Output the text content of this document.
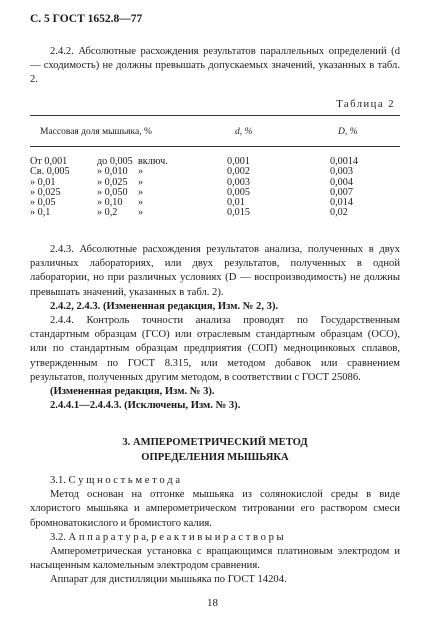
С. 5 ГОСТ 1652.8—77

2.4.2. Абсолютные расхождения результатов параллельных определений (d — сходимость) не должны превышать допускаемых значений, указанных в табл. 2.

Таблица 2
Массовая доля мышьяка, %	d, %	D, %
От 0,001	до 0,005 включ.	0,001	0,0014
Св. 0,005	» 0,010 »	0,002	0,003
» 0,01	» 0,025 »	0,003	0,004
» 0,025	» 0,050 »	0,005	0,007
» 0,05	» 0,10 »	0,01	0,014
» 0,1	» 0,2 »	0,015	0,02

2.4.3. Абсолютные расхождения результатов анализа, полученных в двух различных лабораториях, или двух результатов, полученных в одной лаборатории, но при различных условиях (D — воспроизводимость) не должны превышать значений, указанных в табл. 2).

2.4.2, 2.4.3. (Измененная редакция, Изм. № 2, 3).

2.4.4. Контроль точности анализа проводят по Государственным стандартным образцам (ГСО) или отраслевым стандартным образцам (ОСО), или по стандартным образцам предприятия (СОП) медноцинковых сплавов, утвержденным по ГОСТ 8.315, или методом добавок или сравнением результатов, полученных другим методом, в соответствии с ГОСТ 25086.

(Измененная редакция, Изм. № 3).

2.4.4.1—2.4.4.3. (Исключены, Изм. № 3).

3. АМПЕРОМЕТРИЧЕСКИЙ МЕТОД
ОПРЕДЕЛЕНИЯ МЫШЬЯКА

3.1. С у щ н о с т ь м е т о д а

Метод основан на отгонке мышьяка из солянокислой среды в виде хлористого мышьяка и амперометрическом титровании его раствором смеси бромноватокислого и бромистого калия.

3.2. А п п а р а т у р а, р е а к т и в ы и р а с т в о р ы

Амперометрическая установка с вращающимся платиновым электродом и насыщенным каломельным электродом сравнения.

Аппарат для дистилляции мышьяка по ГОСТ 14204.

18
